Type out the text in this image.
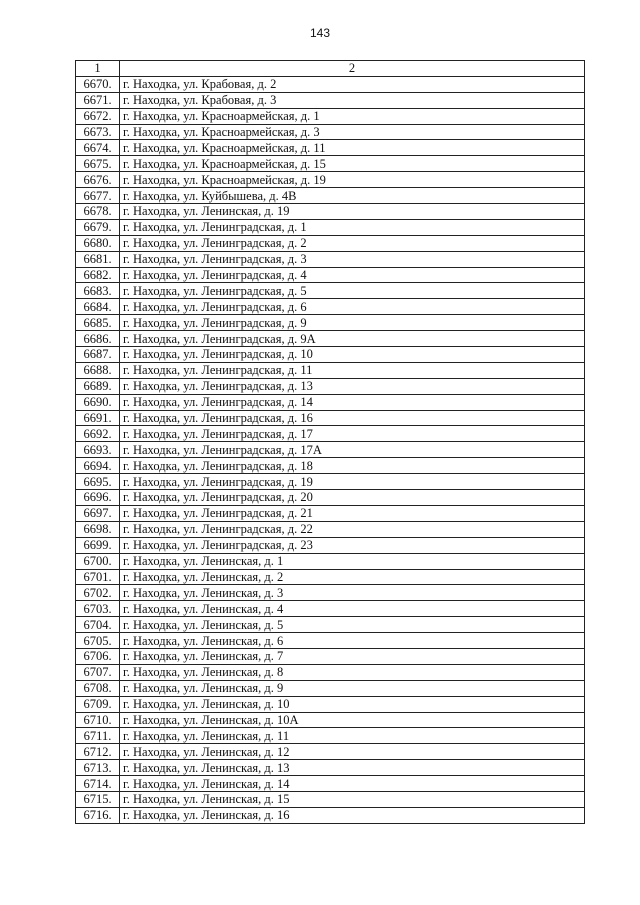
143
1	2
6670.	г. Находка, ул. Крабовая, д. 2
6671.	г. Находка, ул. Крабовая, д. 3
6672.	г. Находка, ул. Красноармейская, д. 1
6673.	г. Находка, ул. Красноармейская, д. 3
6674.	г. Находка, ул. Красноармейская, д. 11
6675.	г. Находка, ул. Красноармейская, д. 15
6676.	г. Находка, ул. Красноармейская, д. 19
6677.	г. Находка, ул. Куйбышева, д. 4В
6678.	г. Находка, ул. Ленинская, д. 19
6679.	г. Находка, ул. Ленинградская, д. 1
6680.	г. Находка, ул. Ленинградская, д. 2
6681.	г. Находка, ул. Ленинградская, д. 3
6682.	г. Находка, ул. Ленинградская, д. 4
6683.	г. Находка, ул. Ленинградская, д. 5
6684.	г. Находка, ул. Ленинградская, д. 6
6685.	г. Находка, ул. Ленинградская, д. 9
6686.	г. Находка, ул. Ленинградская, д. 9А
6687.	г. Находка, ул. Ленинградская, д. 10
6688.	г. Находка, ул. Ленинградская, д. 11
6689.	г. Находка, ул. Ленинградская, д. 13
6690.	г. Находка, ул. Ленинградская, д. 14
6691.	г. Находка, ул. Ленинградская, д. 16
6692.	г. Находка, ул. Ленинградская, д. 17
6693.	г. Находка, ул. Ленинградская, д. 17А
6694.	г. Находка, ул. Ленинградская, д. 18
6695.	г. Находка, ул. Ленинградская, д. 19
6696.	г. Находка, ул. Ленинградская, д. 20
6697.	г. Находка, ул. Ленинградская, д. 21
6698.	г. Находка, ул. Ленинградская, д. 22
6699.	г. Находка, ул. Ленинградская, д. 23
6700.	г. Находка, ул. Ленинская, д. 1
6701.	г. Находка, ул. Ленинская, д. 2
6702.	г. Находка, ул. Ленинская, д. 3
6703.	г. Находка, ул. Ленинская, д. 4
6704.	г. Находка, ул. Ленинская, д. 5
6705.	г. Находка, ул. Ленинская, д. 6
6706.	г. Находка, ул. Ленинская, д. 7
6707.	г. Находка, ул. Ленинская, д. 8
6708.	г. Находка, ул. Ленинская, д. 9
6709.	г. Находка, ул. Ленинская, д. 10
6710.	г. Находка, ул. Ленинская, д. 10А
6711.	г. Находка, ул. Ленинская, д. 11
6712.	г. Находка, ул. Ленинская, д. 12
6713.	г. Находка, ул. Ленинская, д. 13
6714.	г. Находка, ул. Ленинская, д. 14
6715.	г. Находка, ул. Ленинская, д. 15
6716.	г. Находка, ул. Ленинская, д. 16
